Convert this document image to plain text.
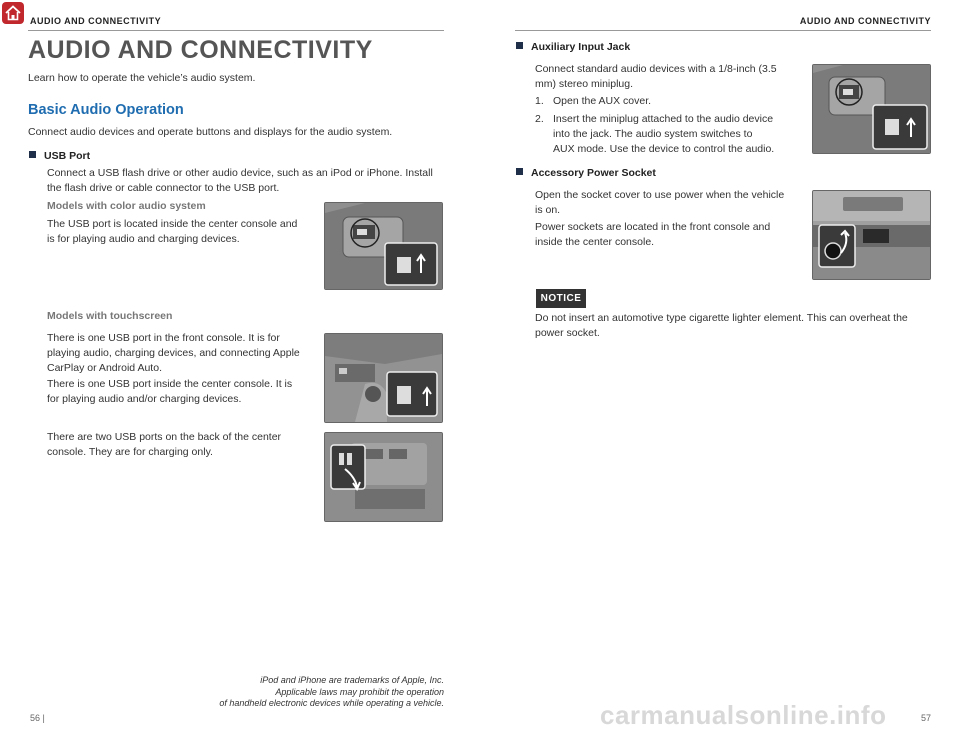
AUDIO AND CONNECTIVITY	AUDIO AND CONNECTIVITY
AUDIO AND CONNECTIVITY
Learn how to operate the vehicle’s audio system.
Basic Audio Operation
Connect audio devices and operate buttons and displays for the audio system.
USB Port
Connect a USB flash drive or other audio device, such as an iPod or iPhone. Install
the flash drive or cable connector to the USB port.
Models with color audio system
The USB port is located inside the center console and
is for playing audio and charging devices.
Models with touchscreen
There is one USB port in the front console. It is for
playing audio, charging devices, and connecting Apple
CarPlay or Android Auto.
There is one USB port inside the center console. It is
for playing audio and/or charging devices.
There are two USB ports on the back of the center
console. They are for charging only.
iPod and iPhone are trademarks of Apple, Inc.
Applicable laws may prohibit the operation
of handheld electronic devices while operating a vehicle.
56 |	57
carmanualsonline.info
Auxiliary Input Jack
Connect standard audio devices with a 1/8-inch (3.5
mm) stereo miniplug.
1. Open the AUX cover.
2. Insert the miniplug attached to the audio device
into the jack. The audio system switches to
AUX mode. Use the device to control the audio.
Accessory Power Socket
Open the socket cover to use power when the vehicle
is on.
Power sockets are located in the front console and
inside the center console.
NOTICE
Do not insert an automotive type cigarette lighter element. This can overheat the
power socket.
